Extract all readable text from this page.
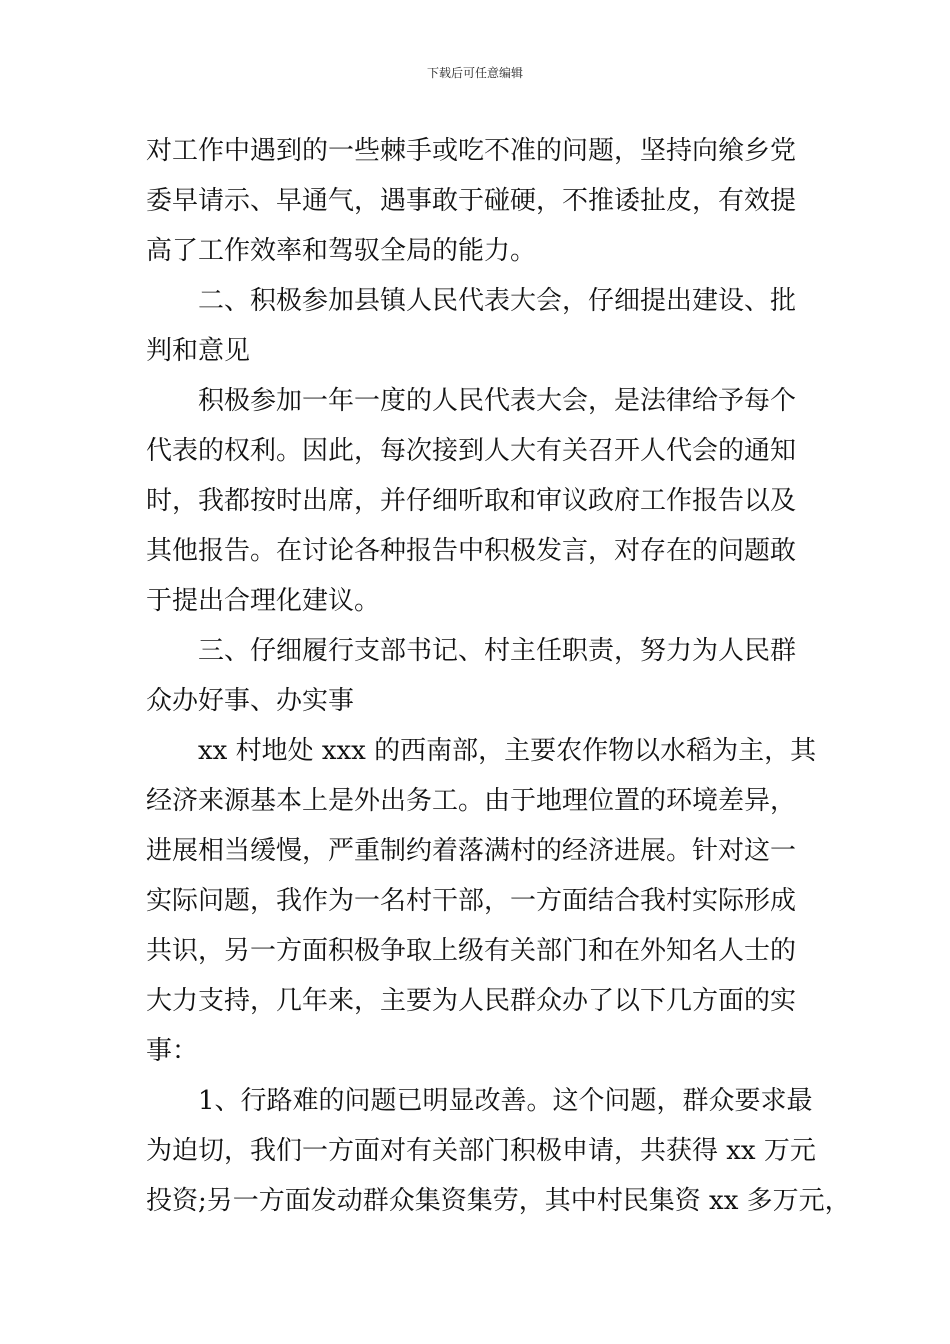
下载后可任意编辑
对工作中遇到的一些棘手或吃不准的问题，坚持向飨乡党
委早请示、早通气，遇事敢于碰硬，不推诿扯皮，有效提
高了工作效率和驾驭全局的能力。
二、积极参加县镇人民代表大会，仔细提出建设、批
判和意见
积极参加一年一度的人民代表大会，是法律给予每个
代表的权利。因此，每次接到人大有关召开人代会的通知
时，我都按时出席，并仔细听取和审议政府工作报告以及
其他报告。在讨论各种报告中积极发言，对存在的问题敢
于提出合理化建议。
三、仔细履行支部书记、村主任职责，努力为人民群
众办好事、办实事
xx 村地处 xxx 的西南部，主要农作物以水稻为主，其
经济来源基本上是外出务工。由于地理位置的环境差异，
进展相当缓慢，严重制约着落满村的经济进展。针对这一
实际问题，我作为一名村干部，一方面结合我村实际形成
共识，另一方面积极争取上级有关部门和在外知名人士的
大力支持，几年来，主要为人民群众办了以下几方面的实
事：
1、行路难的问题已明显改善。这个问题，群众要求最
为迫切，我们一方面对有关部门积极申请，共获得 xx 万元
投资;另一方面发动群众集资集劳，其中村民集资 xx 多万元，
